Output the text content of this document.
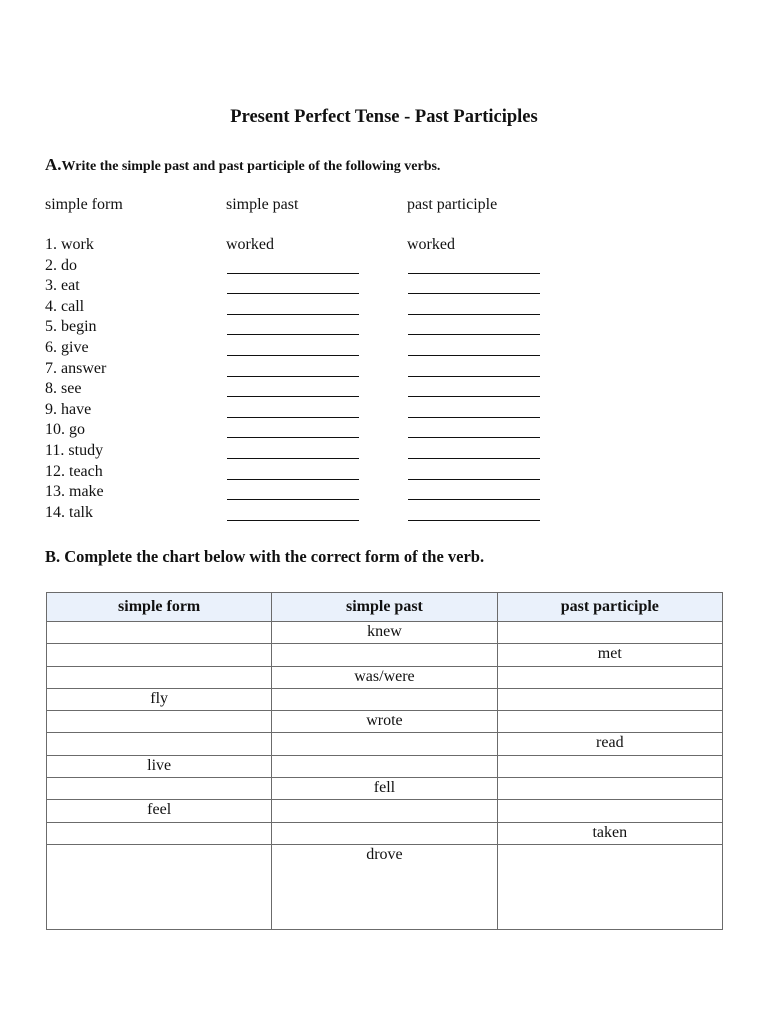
Present Perfect Tense - Past Participles
A.Write the simple past and past participle of the following verbs.
simple form	simple past	past participle
1. work	worked	worked
2. do
3. eat
4. call
5. begin
6. give
7. answer
8. see
9. have
10. go
11. study
12. teach
13. make
14. talk
B. Complete the chart below with the correct form of the verb.
simple form	simple past	past participle
	knew	
		met
	was/were	
fly		
	wrote	
		read
live		
	fell	
feel		
		taken
	drove	
